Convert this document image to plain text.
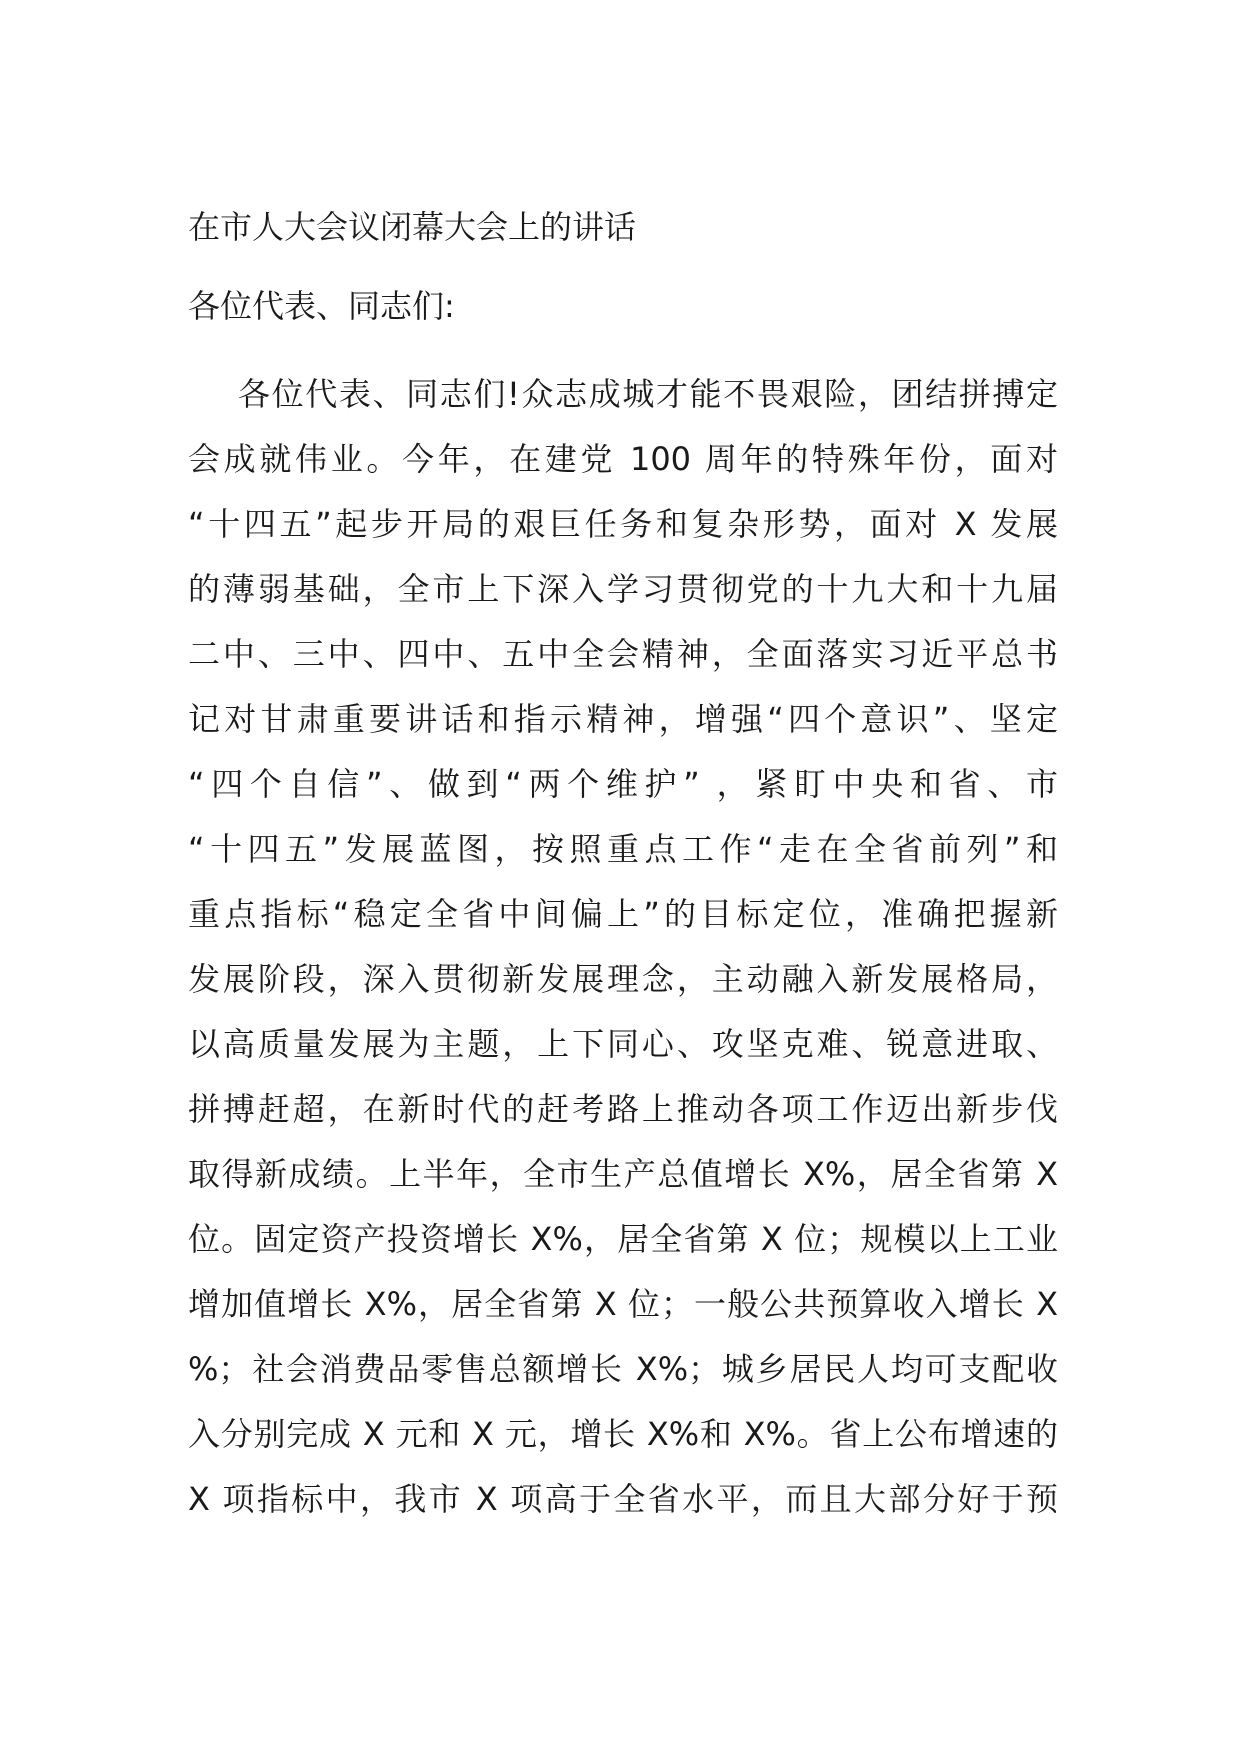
在市人大会议闭幕大会上的讲话

各位代表、同志们:

各位代表、同志们!众志成城才能不畏艰险，团结拼搏定
会成就伟业。今年，在建党 100 周年的特殊年份，面对
“十四五”起步开局的艰巨任务和复杂形势，面对 X 发展
的薄弱基础，全市上下深入学习贯彻党的十九大和十九届
二中、三中、四中、五中全会精神，全面落实习近平总书
记对甘肃重要讲话和指示精神，增强“四个意识”、坚定
“四个自信”、做到“两个维护” ，紧盯中央和省、市
“十四五”发展蓝图，按照重点工作“走在全省前列”和
重点指标“稳定全省中间偏上”的目标定位，准确把握新
发展阶段，深入贯彻新发展理念，主动融入新发展格局，
以高质量发展为主题，上下同心、攻坚克难、锐意进取、
拼搏赶超，在新时代的赶考路上推动各项工作迈出新步伐
取得新成绩。上半年，全市生产总值增长 X%，居全省第 X
位。固定资产投资增长 X%，居全省第 X 位；规模以上工业
增加值增长 X%，居全省第 X 位；一般公共预算收入增长 X
%；社会消费品零售总额增长 X%；城乡居民人均可支配收
入分别完成 X 元和 X 元，增长 X%和 X%。省上公布增速的
X 项指标中，我市 X 项高于全省水平，而且大部分好于预
